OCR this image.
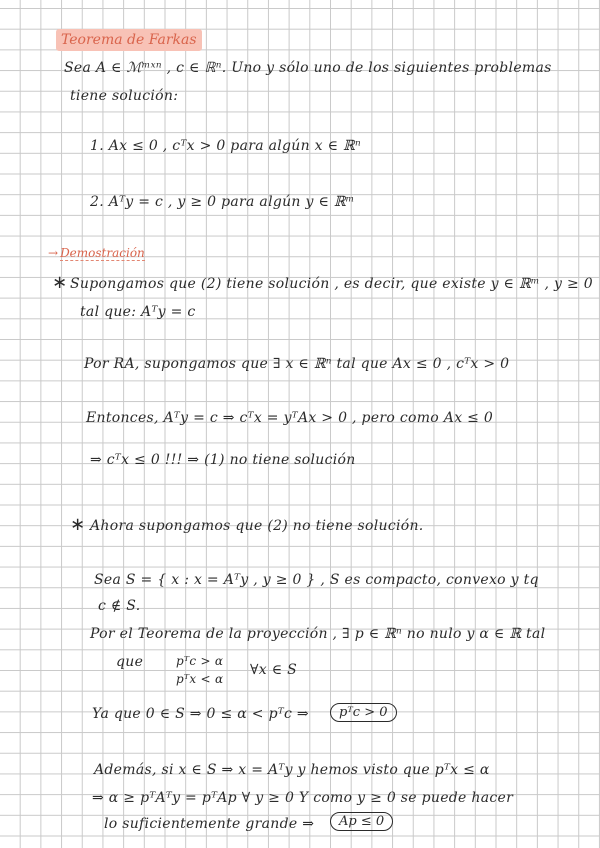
Teorema de Farkas
Sea A ∈ ℳᵐˣⁿ , c ∈ ℝⁿ. Uno y sólo uno de los siguientes problemas
tiene solución:
1. Ax ≤ 0 , cᵀx > 0 para algún x ∈ ℝⁿ
2. Aᵀy = c , y ≥ 0 para algún y ∈ ℝᵐ
→ Demostración
∗ Supongamos que (2) tiene solución , es decir, que existe y ∈ ℝᵐ , y ≥ 0
tal que: Aᵀy = c
Por RA, supongamos que ∃ x ∈ ℝⁿ tal que Ax ≤ 0 , cᵀx > 0
Entonces, Aᵀy = c ⇒ cᵀx = yᵀAx > 0 , pero como Ax ≤ 0
⇒ cᵀx ≤ 0 !!! ⇒ (1) no tiene solución
∗ Ahora supongamos que (2) no tiene solución.
Sea S = { x : x = Aᵀy , y ≥ 0 } , S es compacto, convexo y tq
c ∉ S.
Por el Teorema de la proyección , ∃ p ∈ ℝⁿ no nulo y α ∈ ℝ tal
que	pᵀc > α
pᵀx < α
∀x ∈ S
Ya que 0 ∈ S ⇒ 0 ≤ α < pᵀc ⇒	pᵀc > 0
Además, si x ∈ S ⇒ x = Aᵀy y hemos visto que pᵀx ≤ α
⇒ α ≥ pᵀAᵀy = pᵀAp ∀ y ≥ 0 Y como y ≥ 0 se puede hacer
lo suficientemente grande ⇒	Ap ≤ 0
